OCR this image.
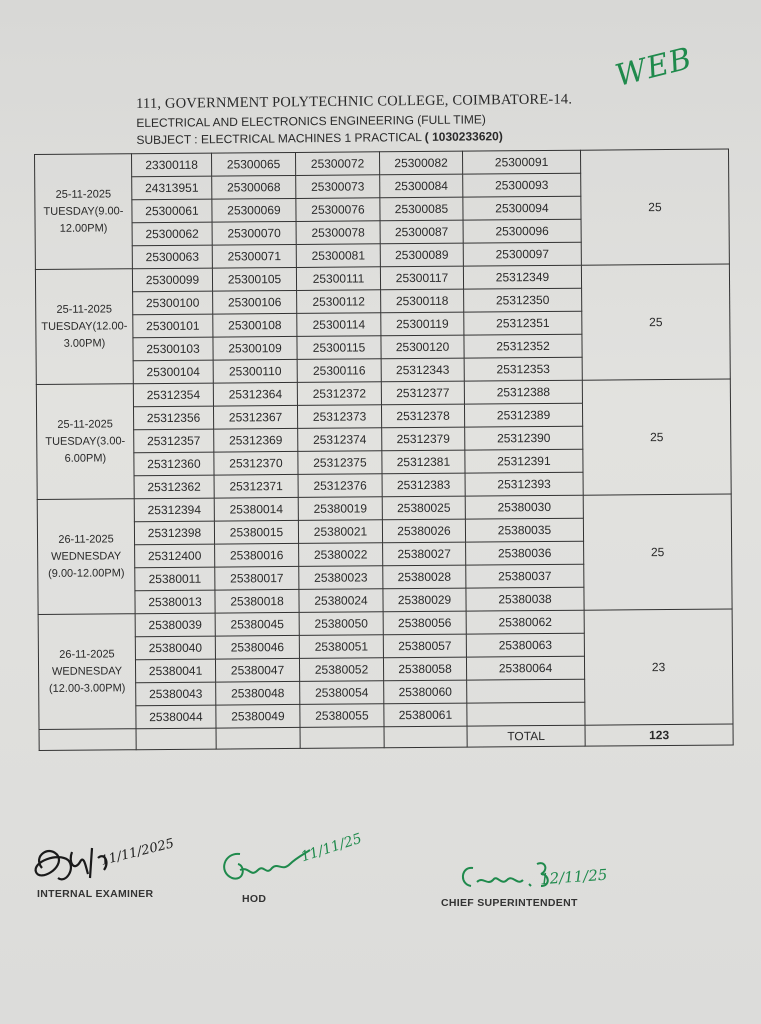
WEB
111, GOVERNMENT POLYTECHNIC COLLEGE, COIMBATORE-14.
ELECTRICAL AND ELECTRONICS ENGINEERING (FULL TIME)
SUBJECT : ELECTRICAL MACHINES 1 PRACTICAL ( 1030233620)
25-11-2025 TUESDAY(9.00-12.00PM)	23300118	25300065	25300072	25300082	25300091	25
	24313951	25300068	25300073	25300084	25300093	
	25300061	25300069	25300076	25300085	25300094	
	25300062	25300070	25300078	25300087	25300096	
	25300063	25300071	25300081	25300089	25300097	
25-11-2025 TUESDAY(12.00-3.00PM)	25300099	25300105	25300111	25300117	25312349	25
	25300100	25300106	25300112	25300118	25312350	
	25300101	25300108	25300114	25300119	25312351	
	25300103	25300109	25300115	25300120	25312352	
	25300104	25300110	25300116	25312343	25312353	
25-11-2025 TUESDAY(3.00-6.00PM)	25312354	25312364	25312372	25312377	25312388	25
	25312356	25312367	25312373	25312378	25312389	
	25312357	25312369	25312374	25312379	25312390	
	25312360	25312370	25312375	25312381	25312391	
	25312362	25312371	25312376	25312383	25312393	
26-11-2025 WEDNESDAY (9.00-12.00PM)	25312394	25380014	25380019	25380025	25380030	25
	25312398	25380015	25380021	25380026	25380035	
	25312400	25380016	25380022	25380027	25380036	
	25380011	25380017	25380023	25380028	25380037	
	25380013	25380018	25380024	25380029	25380038	
26-11-2025 WEDNESDAY (12.00-3.00PM)	25380039	25380045	25380050	25380056	25380062	23
	25380040	25380046	25380051	25380057	25380063	
	25380041	25380047	25380052	25380058	25380064	
	25380043	25380048	25380054	25380060		
	25380044	25380049	25380055	25380061		
					TOTAL	123
11/11/2025
INTERNAL EXAMINER
11/11/25
HOD
12/11/25
CHIEF SUPERINTENDENT
